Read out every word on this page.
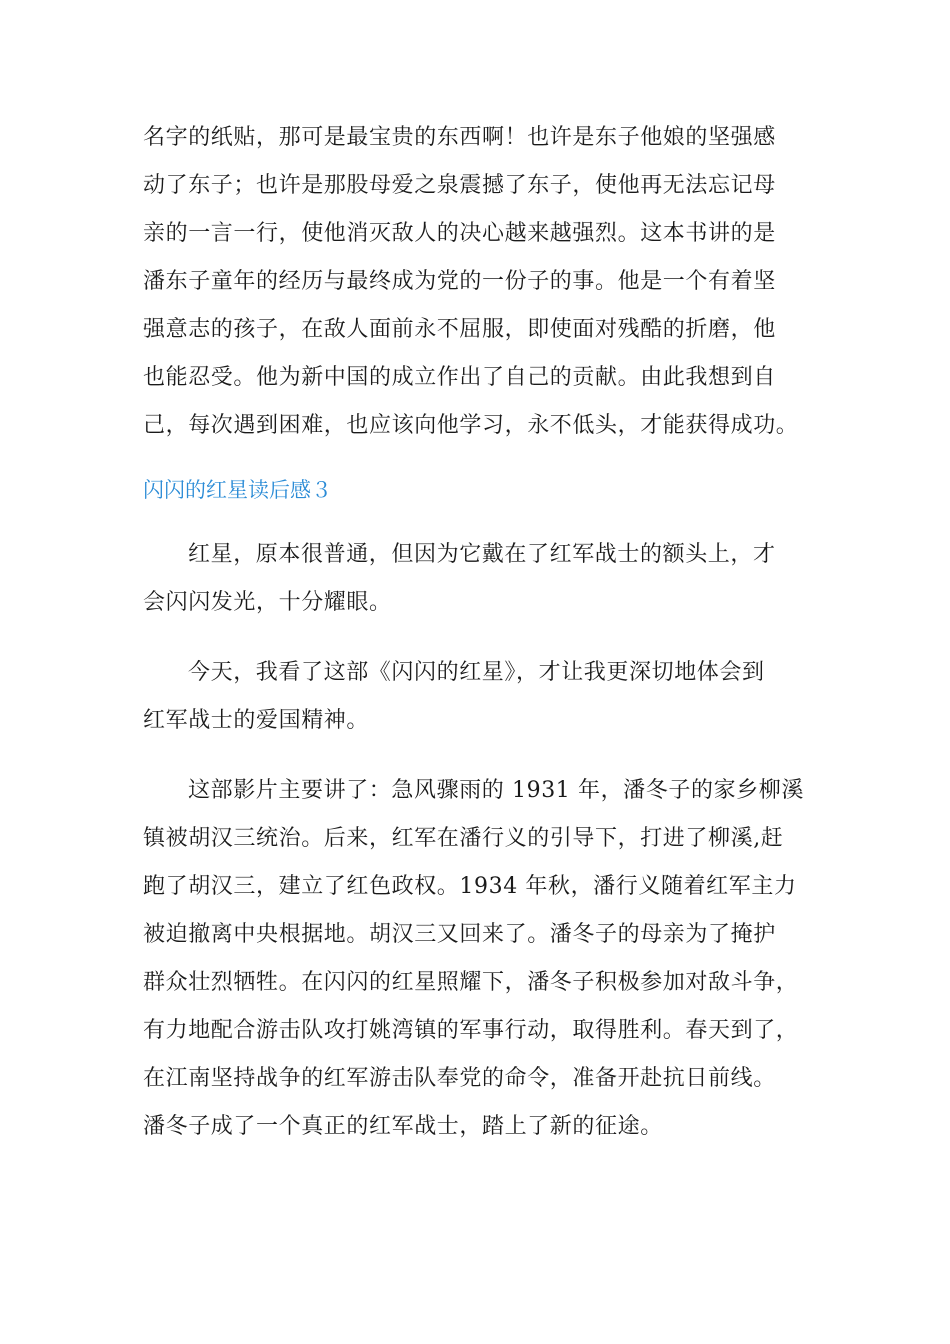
名字的纸贴，那可是最宝贵的东西啊！也许是东子他娘的坚强感
动了东子；也许是那股母爱之泉震撼了东子，使他再无法忘记母
亲的一言一行，使他消灭敌人的决心越来越强烈。这本书讲的是
潘东子童年的经历与最终成为党的一份子的事。他是一个有着坚
强意志的孩子，在敌人面前永不屈服，即使面对残酷的折磨，他
也能忍受。他为新中国的成立作出了自己的贡献。由此我想到自
己，每次遇到困难，也应该向他学习，永不低头，才能获得成功。
闪闪的红星读后感３
红星，原本很普通，但因为它戴在了红军战士的额头上，才
会闪闪发光，十分耀眼。
今天，我看了这部《闪闪的红星》，才让我更深切地体会到
红军战士的爱国精神。
这部影片主要讲了：急风骤雨的 1931 年，潘冬子的家乡柳溪
镇被胡汉三统治。后来，红军在潘行义的引导下，打进了柳溪,赶
跑了胡汉三，建立了红色政权。1934 年秋，潘行义随着红军主力
被迫撤离中央根据地。胡汉三又回来了。潘冬子的母亲为了掩护
群众壮烈牺牲。在闪闪的红星照耀下，潘冬子积极参加对敌斗争，
有力地配合游击队攻打姚湾镇的军事行动，取得胜利。春天到了，
在江南坚持战争的红军游击队奉党的命令，准备开赴抗日前线。
潘冬子成了一个真正的红军战士，踏上了新的征途。
